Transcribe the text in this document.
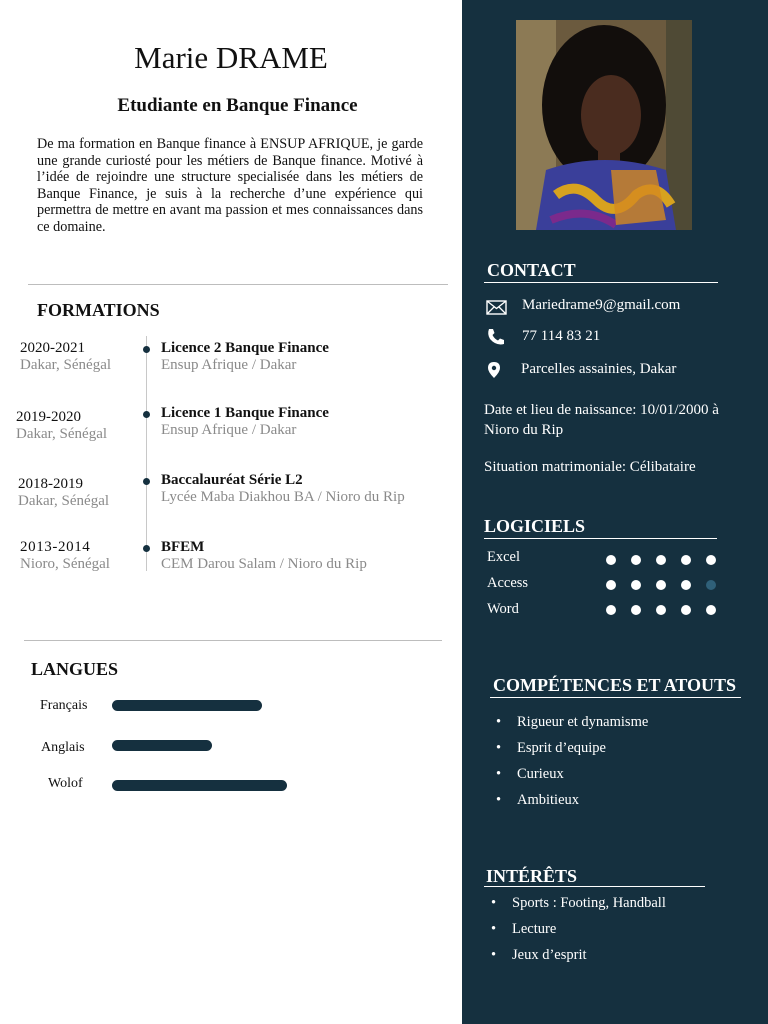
Marie DRAME
Etudiante en Banque Finance
De ma formation en Banque finance à ENSUP AFRIQUE, je garde une grande curiosté pour les métiers de Banque finance. Motivé à l’idée de rejoindre une structure specialisée dans les métiers de Banque Finance, je suis à la recherche d’une expérience qui permettra de mettre en avant ma passion et mes connaissances dans ce domaine.
FORMATIONS
2020-2021
Dakar, Sénégal
Licence 2 Banque Finance
Ensup Afrique / Dakar
2019-2020
Dakar, Sénégal
Licence 1 Banque Finance
Ensup Afrique / Dakar
2018-2019
Dakar, Sénégal
Baccalauréat Série L2
Lycée Maba Diakhou BA / Nioro du Rip
2013-2014
Nioro, Sénégal
BFEM
CEM Darou Salam / Nioro du Rip
LANGUES
Français
Anglais
Wolof
CONTACT
Mariedrame9@gmail.com
77 114 83 21
Parcelles assainies, Dakar
Date et lieu de naissance: 10/01/2000 à Nioro du Rip
Situation matrimoniale: Célibataire
LOGICIELS
Excel
Access
Word
COMPÉTENCES ET ATOUTS
• Rigueur et dynamisme
• Esprit d’equipe
• Curieux
• Ambitieux
INTÉRÊTS
• Sports : Footing, Handball
• Lecture
• Jeux d’esprit
